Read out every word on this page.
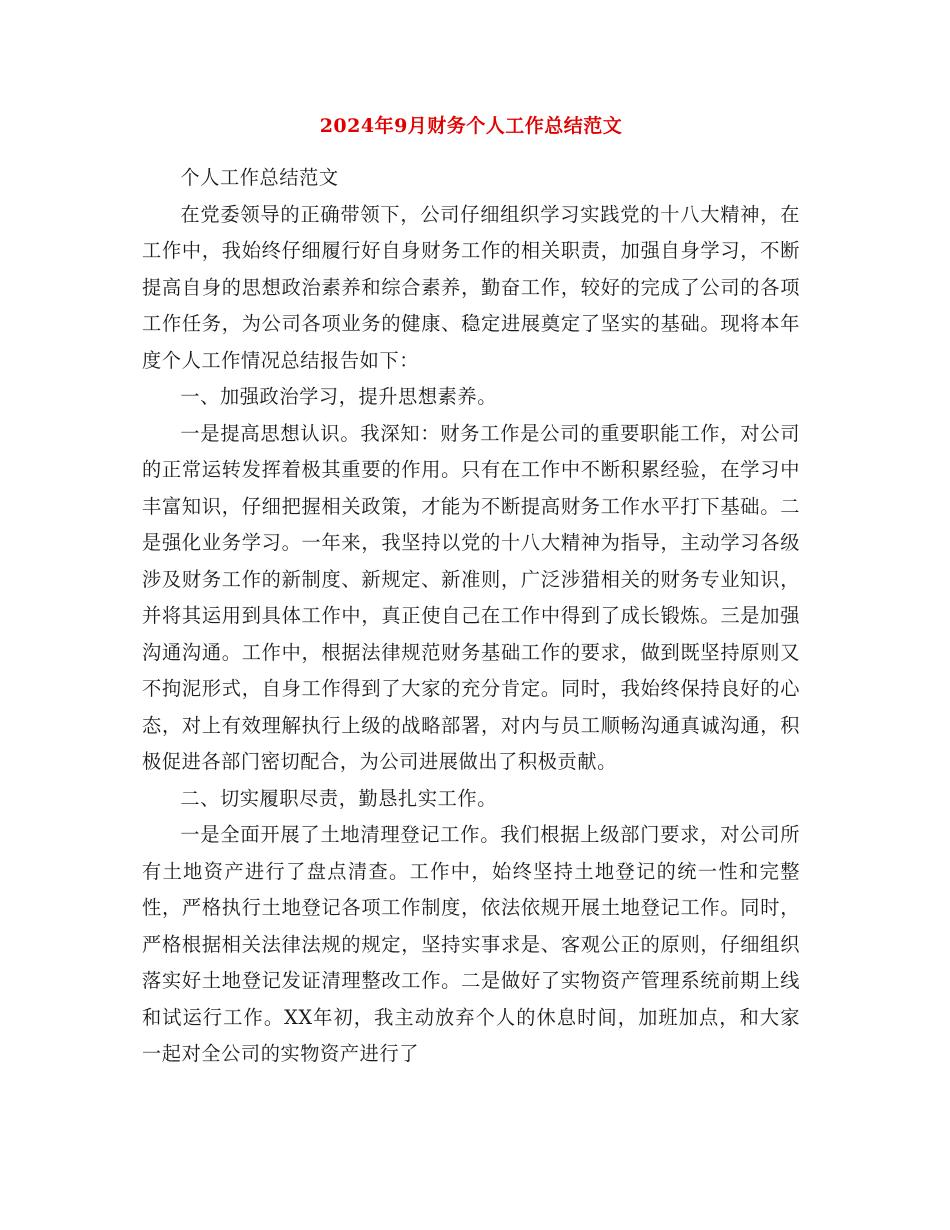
2024年9月财务个人工作总结范文

个人工作总结范文

在党委领导的正确带领下，公司仔细组织学习实践党的十八大精神，在工作中，我始终仔细履行好自身财务工作的相关职责，加强自身学习，不断提高自身的思想政治素养和综合素养，勤奋工作，较好的完成了公司的各项工作任务，为公司各项业务的健康、稳定进展奠定了坚实的基础。现将本年度个人工作情况总结报告如下：

一、加强政治学习，提升思想素养。

一是提高思想认识。我深知：财务工作是公司的重要职能工作，对公司的正常运转发挥着极其重要的作用。只有在工作中不断积累经验，在学习中丰富知识，仔细把握相关政策，才能为不断提高财务工作水平打下基础。二是强化业务学习。一年来，我坚持以党的十八大精神为指导，主动学习各级涉及财务工作的新制度、新规定、新准则，广泛涉猎相关的财务专业知识，并将其运用到具体工作中，真正使自己在工作中得到了成长锻炼。三是加强沟通沟通。工作中，根据法律规范财务基础工作的要求，做到既坚持原则又不拘泥形式，自身工作得到了大家的充分肯定。同时，我始终保持良好的心态，对上有效理解执行上级的战略部署，对内与员工顺畅沟通真诚沟通，积极促进各部门密切配合，为公司进展做出了积极贡献。

二、切实履职尽责，勤恳扎实工作。

一是全面开展了土地清理登记工作。我们根据上级部门要求，对公司所有土地资产进行了盘点清查。工作中，始终坚持土地登记的统一性和完整性，严格执行土地登记各项工作制度，依法依规开展土地登记工作。同时，严格根据相关法律法规的规定，坚持实事求是、客观公正的原则，仔细组织落实好土地登记发证清理整改工作。二是做好了实物资产管理系统前期上线和试运行工作。XX年初，我主动放弃个人的休息时间，加班加点，和大家一起对全公司的实物资产进行了
